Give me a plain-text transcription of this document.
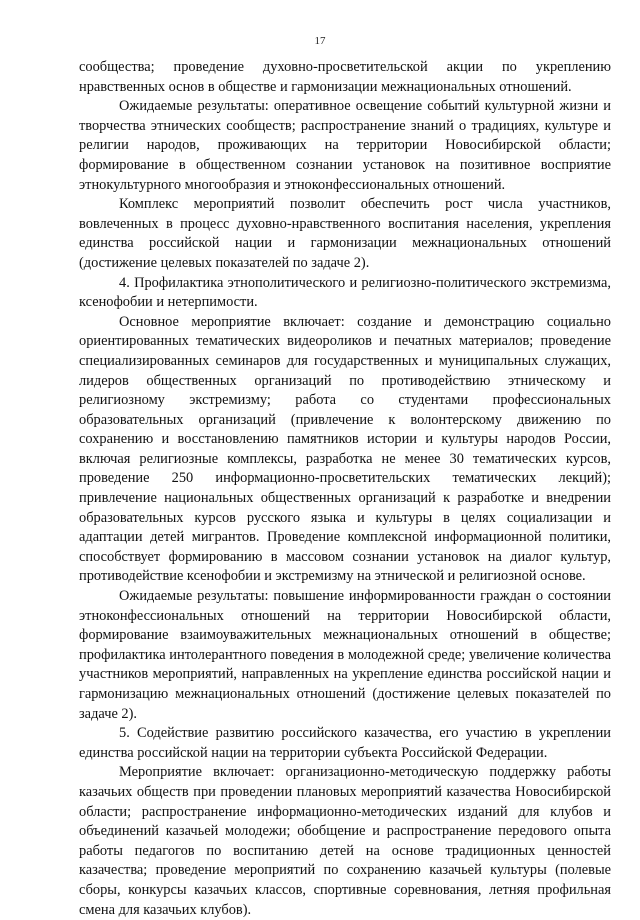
17

сообщества; проведение духовно-просветительской акции по укреплению нравственных основ в обществе и гармонизации межнациональных отношений.

Ожидаемые результаты: оперативное освещение событий культурной жизни и творчества этнических сообществ; распространение знаний о традициях, культуре и религии народов, проживающих на территории Новосибирской области; формирование в общественном сознании установок на позитивное восприятие этнокультурного многообразия и этноконфессиональных отношений.

Комплекс мероприятий позволит обеспечить рост числа участников, вовлеченных в процесс духовно-нравственного воспитания населения, укрепления единства российской нации и гармонизации межнациональных отношений (достижение целевых показателей по задаче 2).

4. Профилактика этнополитического и религиозно-политического экстремизма, ксенофобии и нетерпимости.

Основное мероприятие включает: создание и демонстрацию социально ориентированных тематических видеороликов и печатных материалов; проведение специализированных семинаров для государственных и муниципальных служащих, лидеров общественных организаций по противодействию этническому и религиозному экстремизму; работа со студентами профессиональных образовательных организаций (привлечение к волонтерскому движению по сохранению и восстановлению памятников истории и культуры народов России, включая религиозные комплексы, разработка не менее 30 тематических курсов, проведение 250 информационно-просветительских тематических лекций); привлечение национальных общественных организаций к разработке и внедрении образовательных курсов русского языка и культуры в целях социализации и адаптации детей мигрантов. Проведение комплексной информационной политики, способствует формированию в массовом сознании установок на диалог культур, противодействие ксенофобии и экстремизму на этнической и религиозной основе.

Ожидаемые результаты: повышение информированности граждан о состоянии этноконфессиональных отношений на территории Новосибирской области, формирование взаимоуважительных межнациональных отношений в обществе; профилактика интолерантного поведения в молодежной среде; увеличение количества участников мероприятий, направленных на укрепление единства российской нации и гармонизацию межнациональных отношений (достижение целевых показателей по задаче 2).

5. Содействие развитию российского казачества, его участию в укреплении единства российской нации на территории субъекта Российской Федерации.

Мероприятие включает: организационно-методическую поддержку работы казачьих обществ при проведении плановых мероприятий казачества Новосибирской области; распространение информационно-методических изданий для клубов и объединений казачьей молодежи; обобщение и распространение передового опыта работы педагогов по воспитанию детей на основе традиционных ценностей казачества; проведение мероприятий по сохранению казачьей культуры (полевые сборы, конкурсы казачьих классов, спортивные соревнования, летняя профильная смена для казачьих клубов).
